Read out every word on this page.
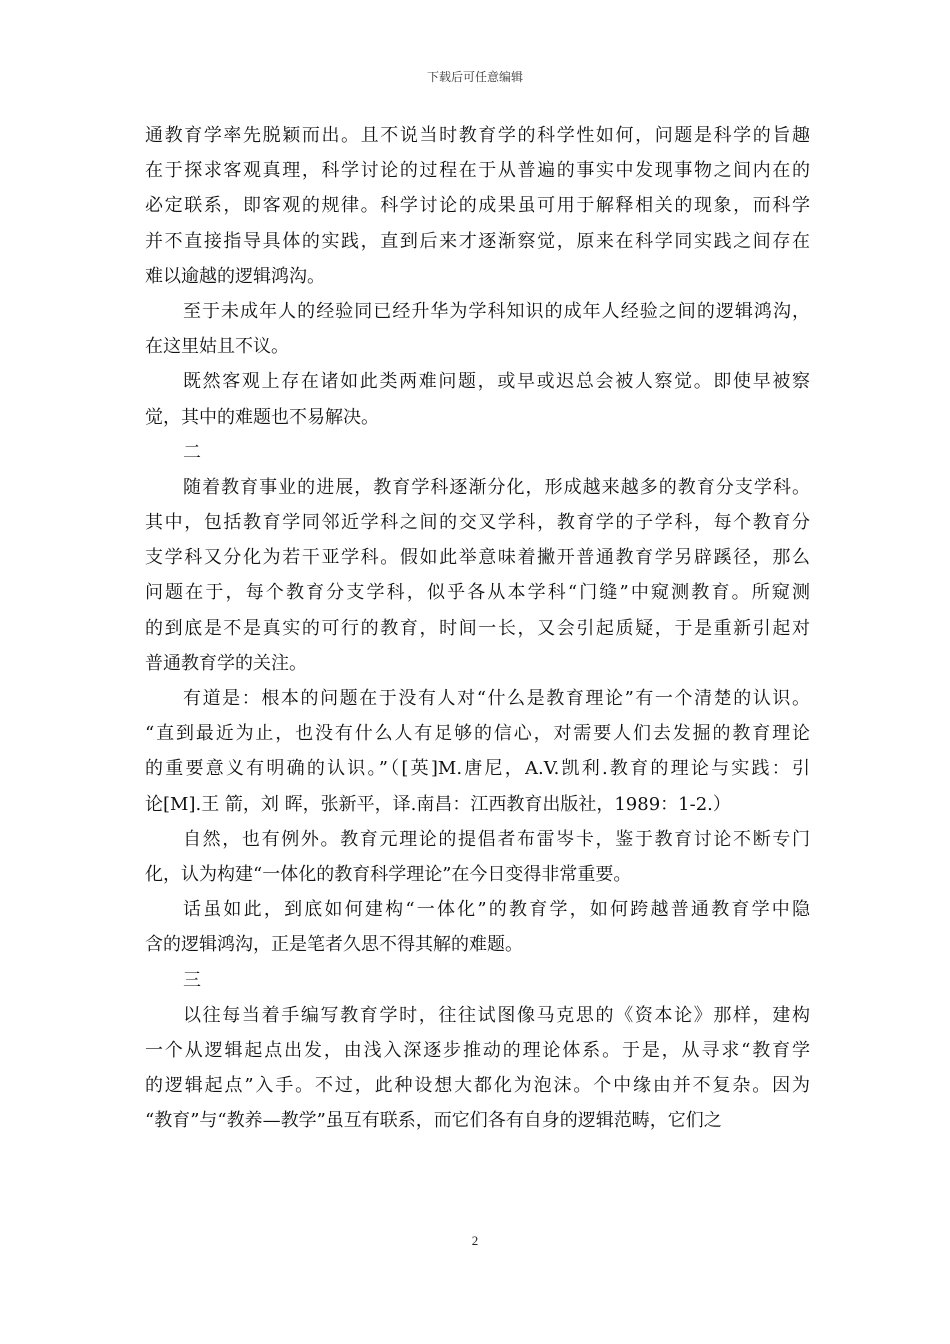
下载后可任意编辑
通教育学率先脱颖而出。且不说当时教育学的科学性如何，问题是科学的旨趣
在于探求客观真理，科学讨论的过程在于从普遍的事实中发现事物之间内在的
必定联系，即客观的规律。科学讨论的成果虽可用于解释相关的现象，而科学
并不直接指导具体的实践，直到后来才逐渐察觉，原来在科学同实践之间存在
难以逾越的逻辑鸿沟。
至于未成年人的经验同已经升华为学科知识的成年人经验之间的逻辑鸿沟，
在这里姑且不议。
既然客观上存在诸如此类两难问题，或早或迟总会被人察觉。即使早被察
觉，其中的难题也不易解决。
二
随着教育事业的进展，教育学科逐渐分化，形成越来越多的教育分支学科。
其中，包括教育学同邻近学科之间的交叉学科，教育学的子学科，每个教育分
支学科又分化为若干亚学科。假如此举意味着撇开普通教育学另辟蹊径，那么
问题在于，每个教育分支学科，似乎各从本学科“门缝”中窥测教育。所窥测
的到底是不是真实的可行的教育，时间一长，又会引起质疑，于是重新引起对
普通教育学的关注。
有道是：根本的问题在于没有人对“什么是教育理论”有一个清楚的认识。
“直到最近为止，也没有什么人有足够的信心，对需要人们去发掘的教育理论
的重要意义有明确的认识。”（[英]M.唐尼，A.V.凯利.教育的理论与实践：引
论[M].王 箭，刘 晖，张新平，译.南昌：江西教育出版社，1989：1-2.）
自然，也有例外。教育元理论的提倡者布雷岑卡，鉴于教育讨论不断专门
化，认为构建“一体化的教育科学理论”在今日变得非常重要。
话虽如此，到底如何建构“一体化”的教育学，如何跨越普通教育学中隐
含的逻辑鸿沟，正是笔者久思不得其解的难题。
三
以往每当着手编写教育学时，往往试图像马克思的《资本论》那样，建构
一个从逻辑起点出发，由浅入深逐步推动的理论体系。于是，从寻求“教育学
的逻辑起点”入手。不过，此种设想大都化为泡沫。个中缘由并不复杂。因为
“教育”与“教养—教学”虽互有联系，而它们各有自身的逻辑范畴，它们之
2
